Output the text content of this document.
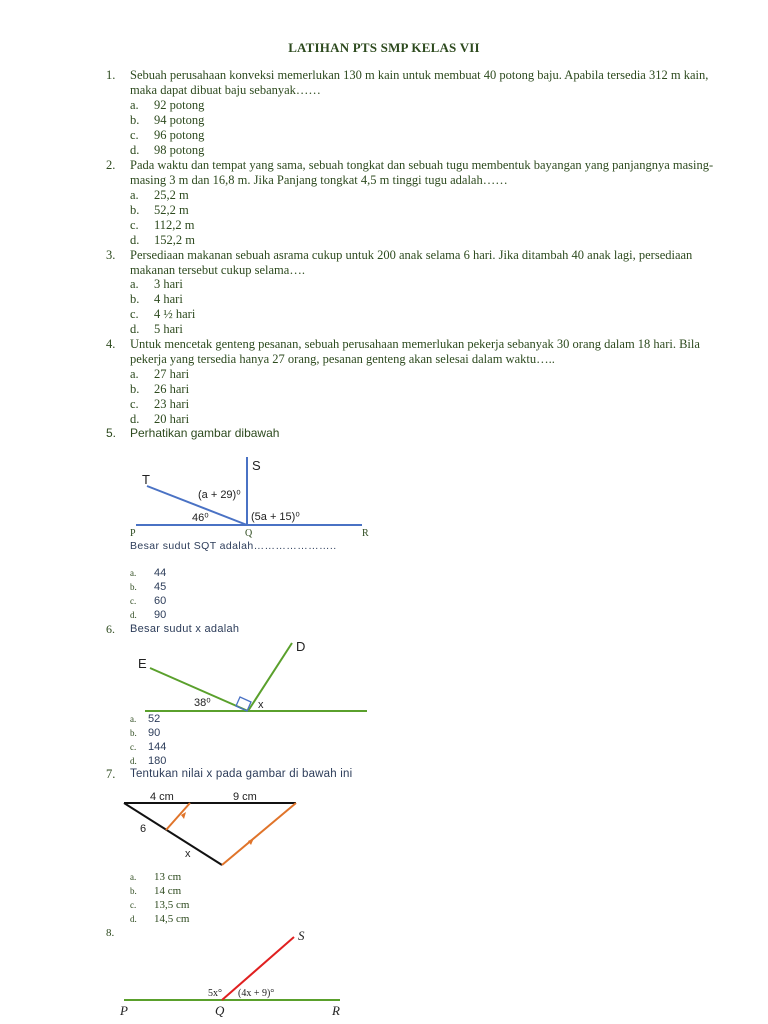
LATIHAN PTS SMP KELAS VII
1. Sebuah perusahaan konveksi memerlukan 130 m kain untuk membuat 40 potong baju. Apabila tersedia 312 m kain, maka dapat dibuat baju sebanyak……
a. 92 potong
b. 94 potong
c. 96 potong
d. 98 potong
2. Pada waktu dan tempat yang sama, sebuah tongkat dan sebuah tugu membentuk bayangan yang panjangnya masing-masing 3 m dan 16,8 m. Jika Panjang tongkat 4,5 m tinggi tugu adalah……
a. 25,2 m
b. 52,2 m
c. 112,2 m
d. 152,2 m
3. Persediaan makanan sebuah asrama cukup untuk 200 anak selama 6 hari. Jika ditambah 40 anak lagi, persediaan makanan tersebut cukup selama….
a. 3 hari
b. 4 hari
c. 4 ½ hari
d. 5 hari
4. Untuk mencetak genteng pesanan, sebuah perusahaan memerlukan pekerja sebanyak 30 orang dalam 18 hari. Bila pekerja yang tersedia hanya 27 orang, pesanan genteng akan selesai dalam waktu…..
a. 27 hari
b. 26 hari
c. 23 hari
d. 20 hari
5. Perhatikan gambar dibawah
S
T
(a + 29)⁰
46⁰	(5a + 15)⁰
P	Q	R
Besar sudut SQT adalah…………………..
a. 44
b. 45
c. 60
d. 90
6. Besar sudut x adalah
D
E
38⁰	x
a. 52
b. 90
c. 144
d. 180
7. Tentukan nilai x pada gambar di bawah ini
4 cm	9 cm
6
x
a. 13 cm
b. 14 cm
c. 13,5 cm
d. 14,5 cm
8.	S
5x° (4x + 9)°
P	Q	R
